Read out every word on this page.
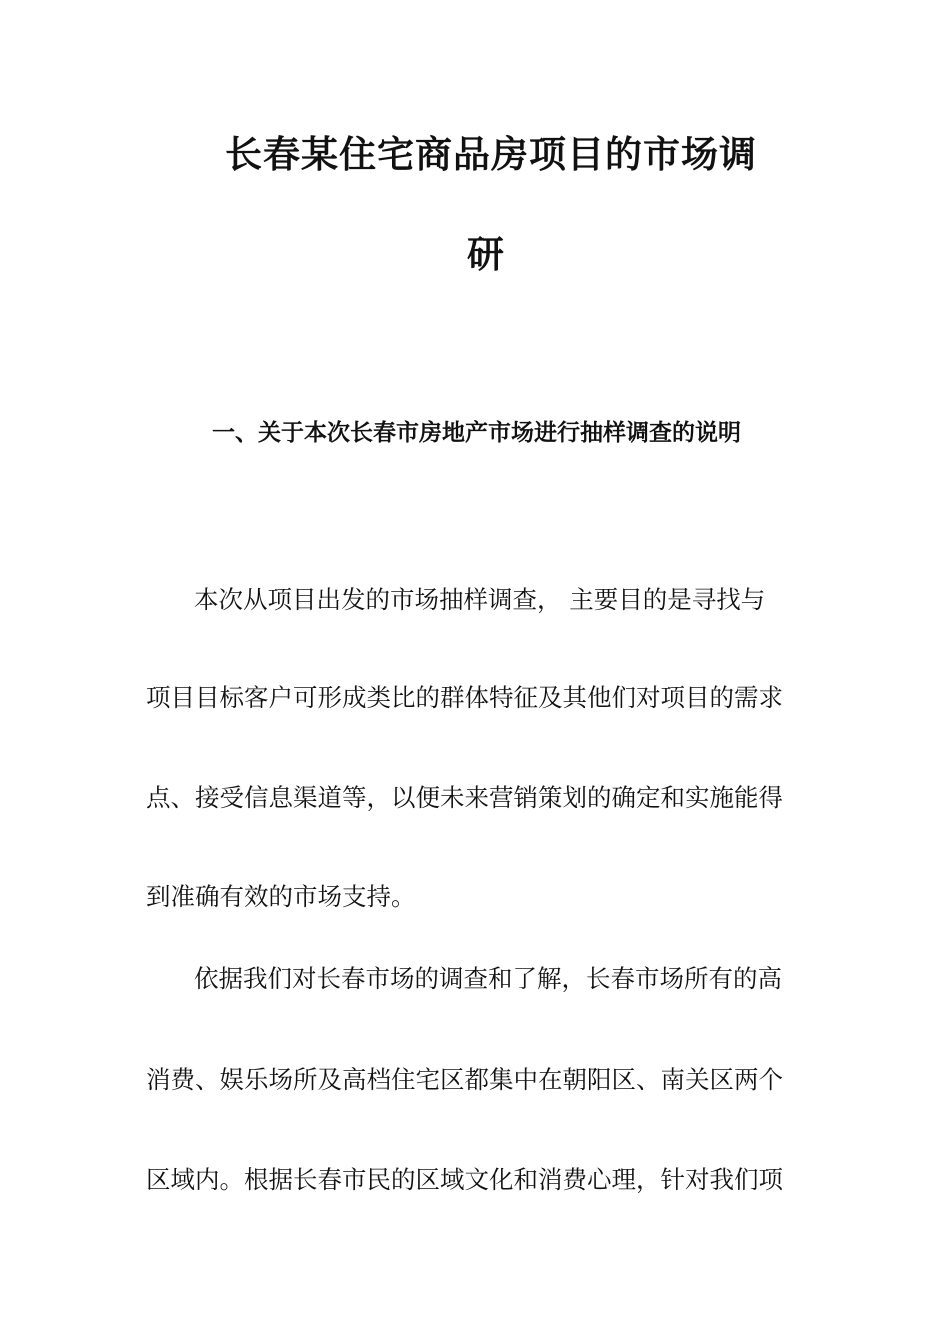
长春某住宅商品房项目的市场调
研
一、关于本次长春市房地产市场进行抽样调查的说明
本次从项目出发的市场抽样调查， 主要目的是寻找与
项目目标客户可形成类比的群体特征及其他们对项目的需求
点、接受信息渠道等，以便未来营销策划的确定和实施能得
到准确有效的市场支持。
依据我们对长春市场的调查和了解，长春市场所有的高
消费、娱乐场所及高档住宅区都集中在朝阳区、南关区两个
区域内。根据长春市民的区域文化和消费心理，针对我们项
